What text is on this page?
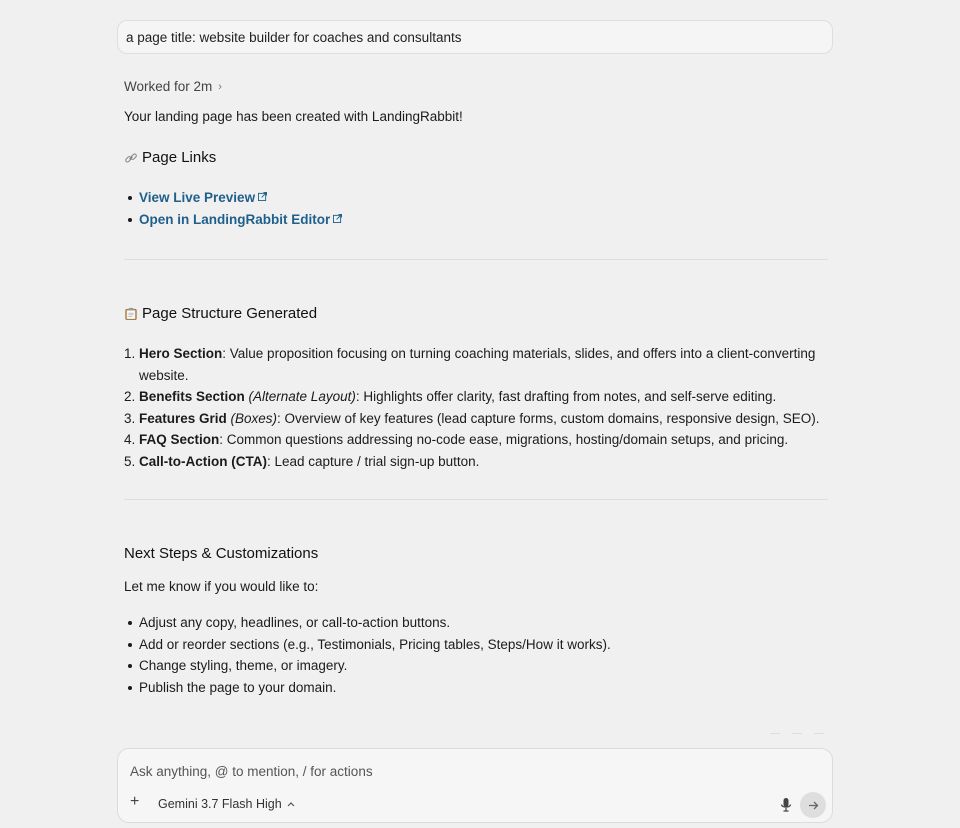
a page title: website builder for coaches and consultants
Worked for 2m ›
Your landing page has been created with LandingRabbit!
Page Links
View Live Preview
Open in LandingRabbit Editor
Page Structure Generated
1. Hero Section: Value proposition focusing on turning coaching materials, slides, and offers into a client-converting website.
2. Benefits Section (Alternate Layout): Highlights offer clarity, fast drafting from notes, and self-serve editing.
3. Features Grid (Boxes): Overview of key features (lead capture forms, custom domains, responsive design, SEO).
4. FAQ Section: Common questions addressing no-code ease, migrations, hosting/domain setups, and pricing.
5. Call-to-Action (CTA): Lead capture / trial sign-up button.
Next Steps & Customizations
Let me know if you would like to:
Adjust any copy, headlines, or call-to-action buttons.
Add or reorder sections (e.g., Testimonials, Pricing tables, Steps/How it works).
Change styling, theme, or imagery.
Publish the page to your domain.
Ask anything, @ to mention, / for actions
+ Gemini 3.7 Flash High
